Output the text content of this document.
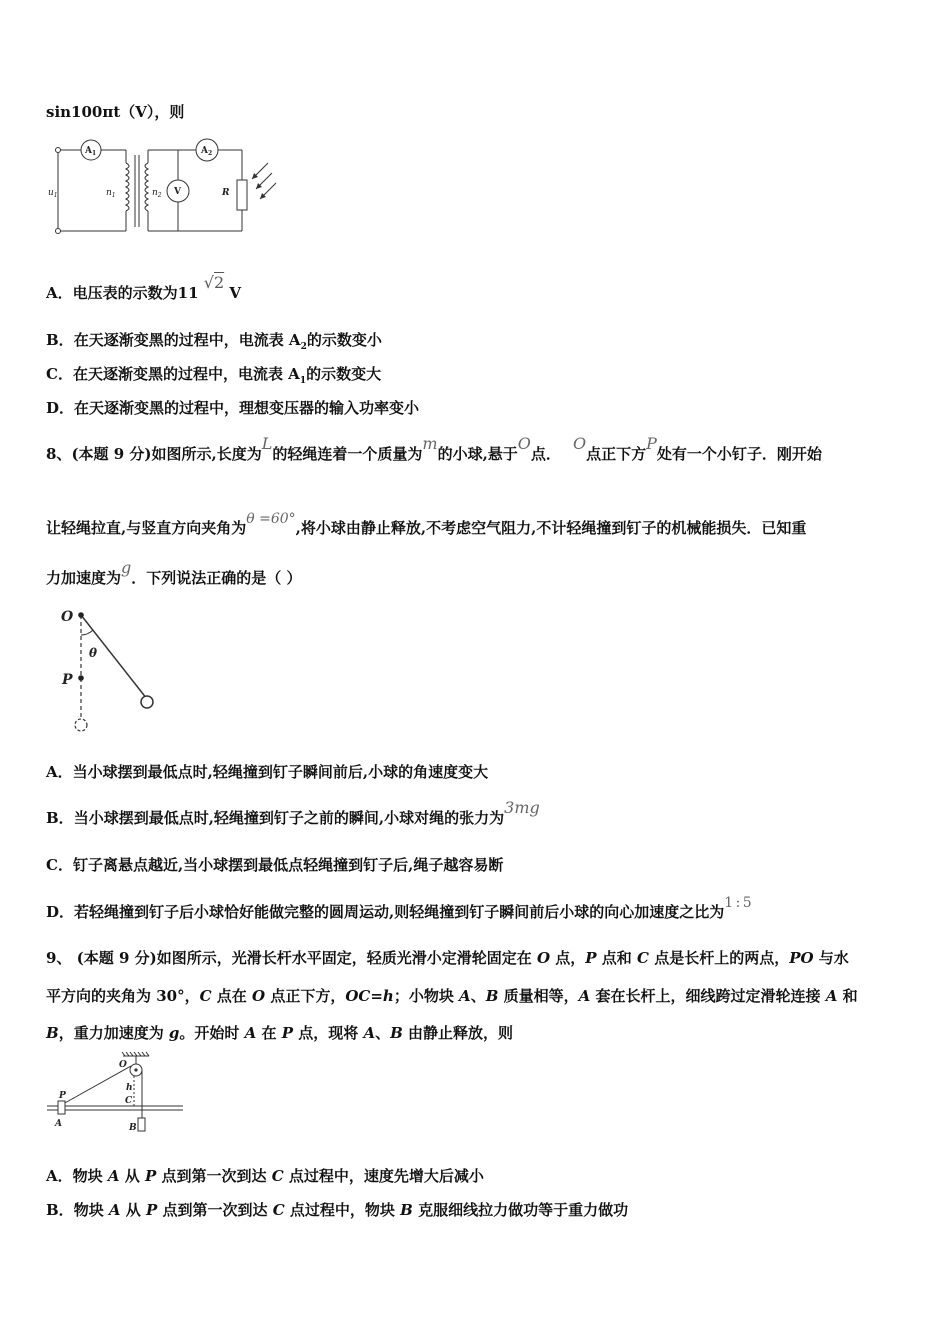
sin100πt（V），则
$u_1$	$n_1$	$n_2$	R
$A_1$	$A_2$
V
A．电压表的示数为11 √2 V
B．在天逐渐变黑的过程中，电流表 $A_2$的示数变小
C．在天逐渐变黑的过程中，电流表 $A_1$的示数变大
D．在天逐渐变黑的过程中，理想变压器的输入功率变小
8、(本题 9 分)如图所示,长度为L的轻绳连着一个质量为m的小球,悬于O点．O点正下方P处有一个小钉子．刚开始
让轻绳拉直,与竖直方向夹角为θ =60°,将小球由静止释放,不考虑空气阻力,不计轻绳撞到钉子的机械能损失．已知重
力加速度为g．下列说法正确的是（ ）
O
P
θ
A．当小球摆到最低点时,轻绳撞到钉子瞬间前后,小球的角速度变大
B．当小球摆到最低点时,轻绳撞到钉子之前的瞬间,小球对绳的张力为3mg
C．钉子离悬点越近,当小球摆到最低点轻绳撞到钉子后,绳子越容易断
D．若轻绳撞到钉子后小球恰好能做完整的圆周运动,则轻绳撞到钉子瞬间前后小球的向心加速度之比为1 : 5
9、 (本题 9 分)如图所示，光滑长杆水平固定，轻质光滑小定滑轮固定在 O 点，P 点和 C 点是长杆上的两点，PO 与水
平方向的夹角为 30°，C 点在 O 点正下方，OC=h；小物块 A、B 质量相等，A 套在长杆上，细线跨过定滑轮连接 A 和
B，重力加速度为 g。开始时 A 在 P 点，现将 A、B 由静止释放，则
O
h
C
P
A	B
A．物块 A 从 P 点到第一次到达 C 点过程中，速度先增大后减小
B．物块 A 从 P 点到第一次到达 C 点过程中，物块 B 克服细线拉力做功等于重力做功
